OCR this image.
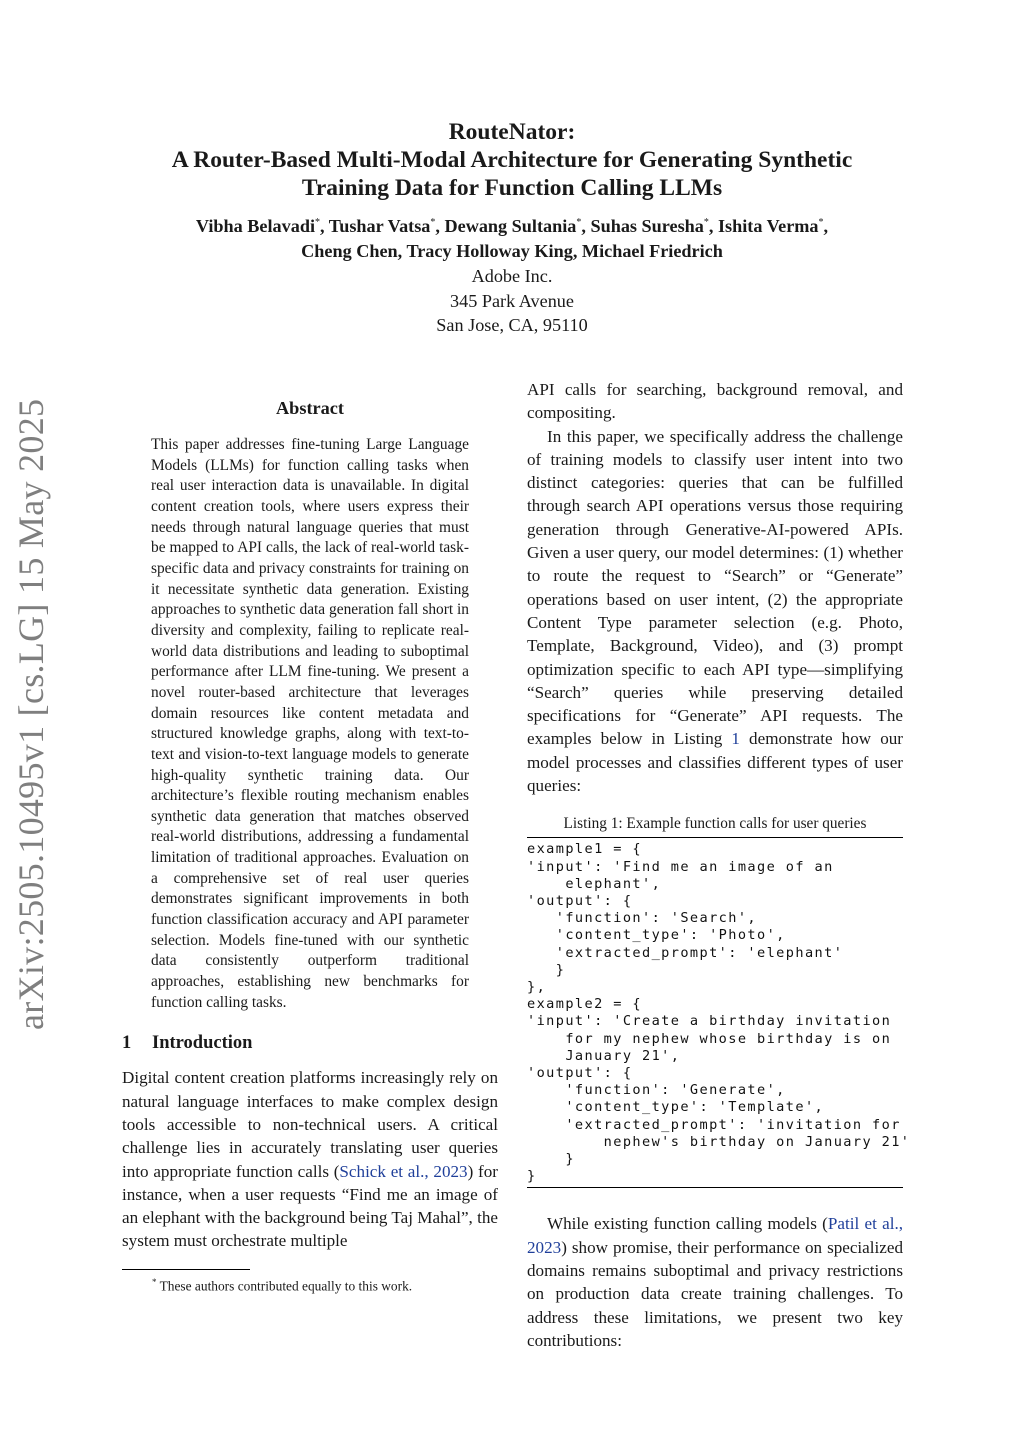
arXiv:2505.10495v1 [cs.LG] 15 May 2025
RouteNator:
A Router-Based Multi-Modal Architecture for Generating Synthetic
Training Data for Function Calling LLMs
Vibha Belavadi*, Tushar Vatsa*, Dewang Sultania*, Suhas Suresha*, Ishita Verma*,
Cheng Chen, Tracy Holloway King, Michael Friedrich
Adobe Inc.
345 Park Avenue
San Jose, CA, 95110
Abstract

This paper addresses fine-tuning Large Language Models (LLMs) for function calling tasks when real user interaction data is unavailable. In digital content creation tools, where users express their needs through natural language queries that must be mapped to API calls, the lack of real-world task-specific data and privacy constraints for training on it necessitate synthetic data generation. Existing approaches to synthetic data generation fall short in diversity and complexity, failing to replicate real-world data distributions and leading to suboptimal performance after LLM fine-tuning. We present a novel router-based architecture that leverages domain resources like content metadata and structured knowledge graphs, along with text-to-text and vision-to-text language models to generate high-quality synthetic training data. Our architecture’s flexible routing mechanism enables synthetic data generation that matches observed real-world distributions, addressing a fundamental limitation of traditional approaches. Evaluation on a comprehensive set of real user queries demonstrates significant improvements in both function classification accuracy and API parameter selection. Models fine-tuned with our synthetic data consistently outperform traditional approaches, establishing new benchmarks for function calling tasks.

1 Introduction

Digital content creation platforms increasingly rely on natural language interfaces to make complex design tools accessible to non-technical users. A critical challenge lies in accurately translating user queries into appropriate function calls (Schick et al., 2023) for instance, when a user requests “Find me an image of an elephant with the background being Taj Mahal”, the system must orchestrate multiple

* These authors contributed equally to this work.

API calls for searching, background removal, and compositing.

In this paper, we specifically address the challenge of training models to classify user intent into two distinct categories: queries that can be fulfilled through search API operations versus those requiring generation through Generative-AI-powered APIs. Given a user query, our model determines: (1) whether to route the request to “Search” or “Generate” operations based on user intent, (2) the appropriate Content Type parameter selection (e.g. Photo, Template, Background, Video), and (3) prompt optimization specific to each API type—simplifying “Search” queries while preserving detailed specifications for “Generate” API requests. The examples below in Listing 1 demonstrate how our model processes and classifies different types of user queries:

Listing 1: Example function calls for user queries
example1 = {
'input': 'Find me an image of an
elephant',
'output': {
'function': 'Search',
'content_type': 'Photo',
'extracted_prompt': 'elephant'
}
},
example2 = {
'input': 'Create a birthday invitation
for my nephew whose birthday is on
January 21',
'output': {
'function': 'Generate',
'content_type': 'Template',
'extracted_prompt': 'invitation for
nephew's birthday on January 21'
}
}

While existing function calling models (Patil et al., 2023) show promise, their performance on specialized domains remains suboptimal and privacy restrictions on production data create training challenges. To address these limitations, we present two key contributions:
